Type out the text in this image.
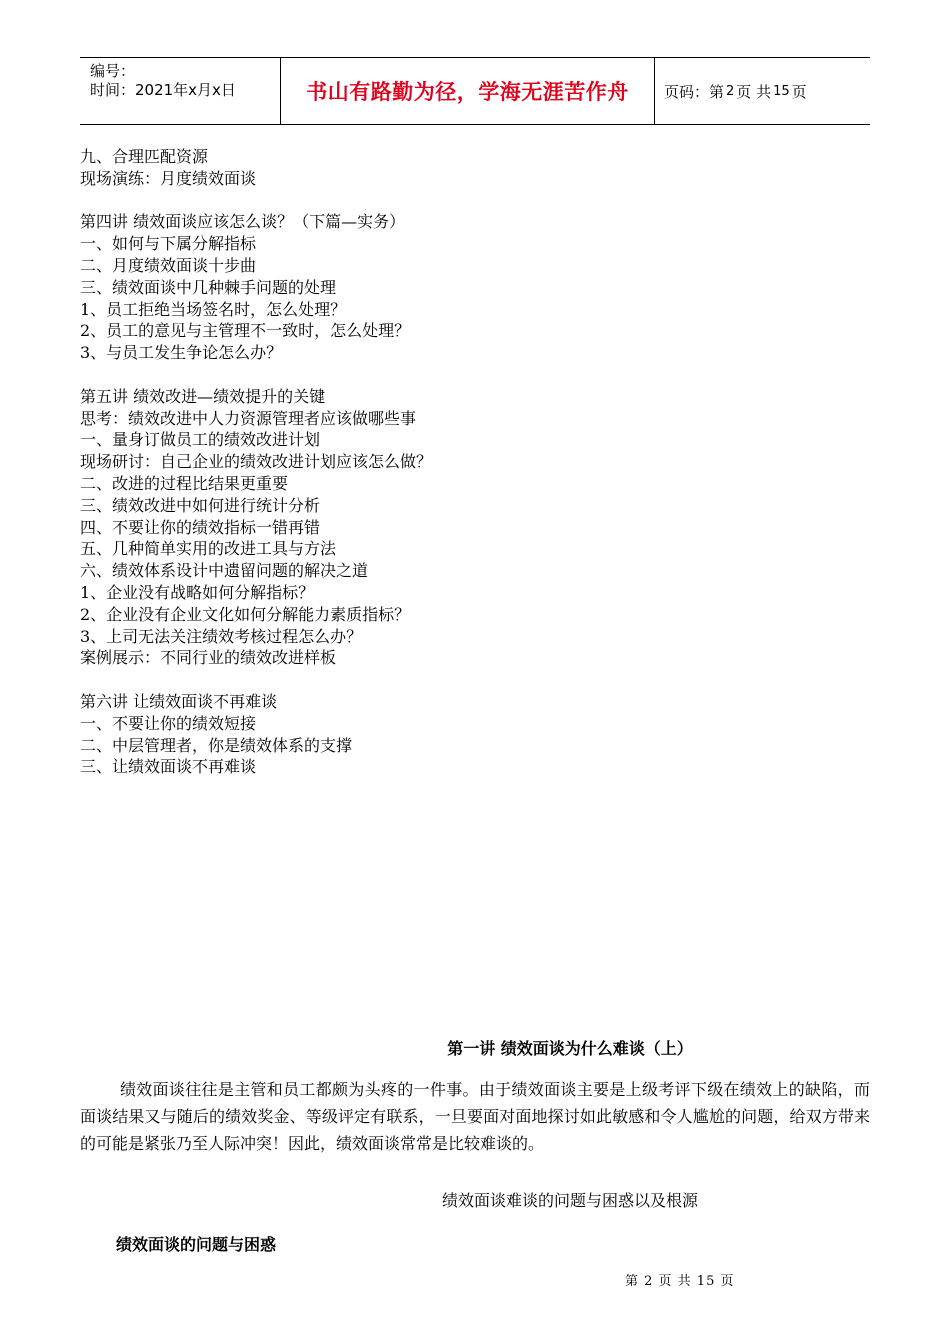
编号：
时间：2021年x月x日	书山有路勤为径，学海无涯苦作舟	页码：第 2 页 共 15 页
九、合理匹配资源
现场演练：月度绩效面谈
第四讲 绩效面谈应该怎么谈？（下篇—实务）
一、如何与下属分解指标
二、月度绩效面谈十步曲
三、绩效面谈中几种棘手问题的处理
1、员工拒绝当场签名时，怎么处理？
2、员工的意见与主管理不一致时，怎么处理？
3、与员工发生争论怎么办？
第五讲 绩效改进—绩效提升的关键
思考：绩效改进中人力资源管理者应该做哪些事
一、量身订做员工的绩效改进计划
现场研讨：自己企业的绩效改进计划应该怎么做？
二、改进的过程比结果更重要
三、绩效改进中如何进行统计分析
四、不要让你的绩效指标一错再错
五、几种简单实用的改进工具与方法
六、绩效体系设计中遗留问题的解决之道
1、企业没有战略如何分解指标？
2、企业没有企业文化如何分解能力素质指标？
3、上司无法关注绩效考核过程怎么办？
案例展示：不同行业的绩效改进样板
第六讲 让绩效面谈不再难谈
一、不要让你的绩效短接
二、中层管理者，你是绩效体系的支撑
三、让绩效面谈不再难谈
第一讲 绩效面谈为什么难谈（上）
绩效面谈往往是主管和员工都颇为头疼的一件事。由于绩效面谈主要是上级考评下级在绩效上的缺陷，而面谈结果又与随后的绩效奖金、等级评定有联系，一旦要面对面地探讨如此敏感和令人尴尬的问题，给双方带来的可能是紧张乃至人际冲突！因此，绩效面谈常常是比较难谈的。
绩效面谈难谈的问题与困惑以及根源
绩效面谈的问题与困惑
第 2 页 共 15 页
